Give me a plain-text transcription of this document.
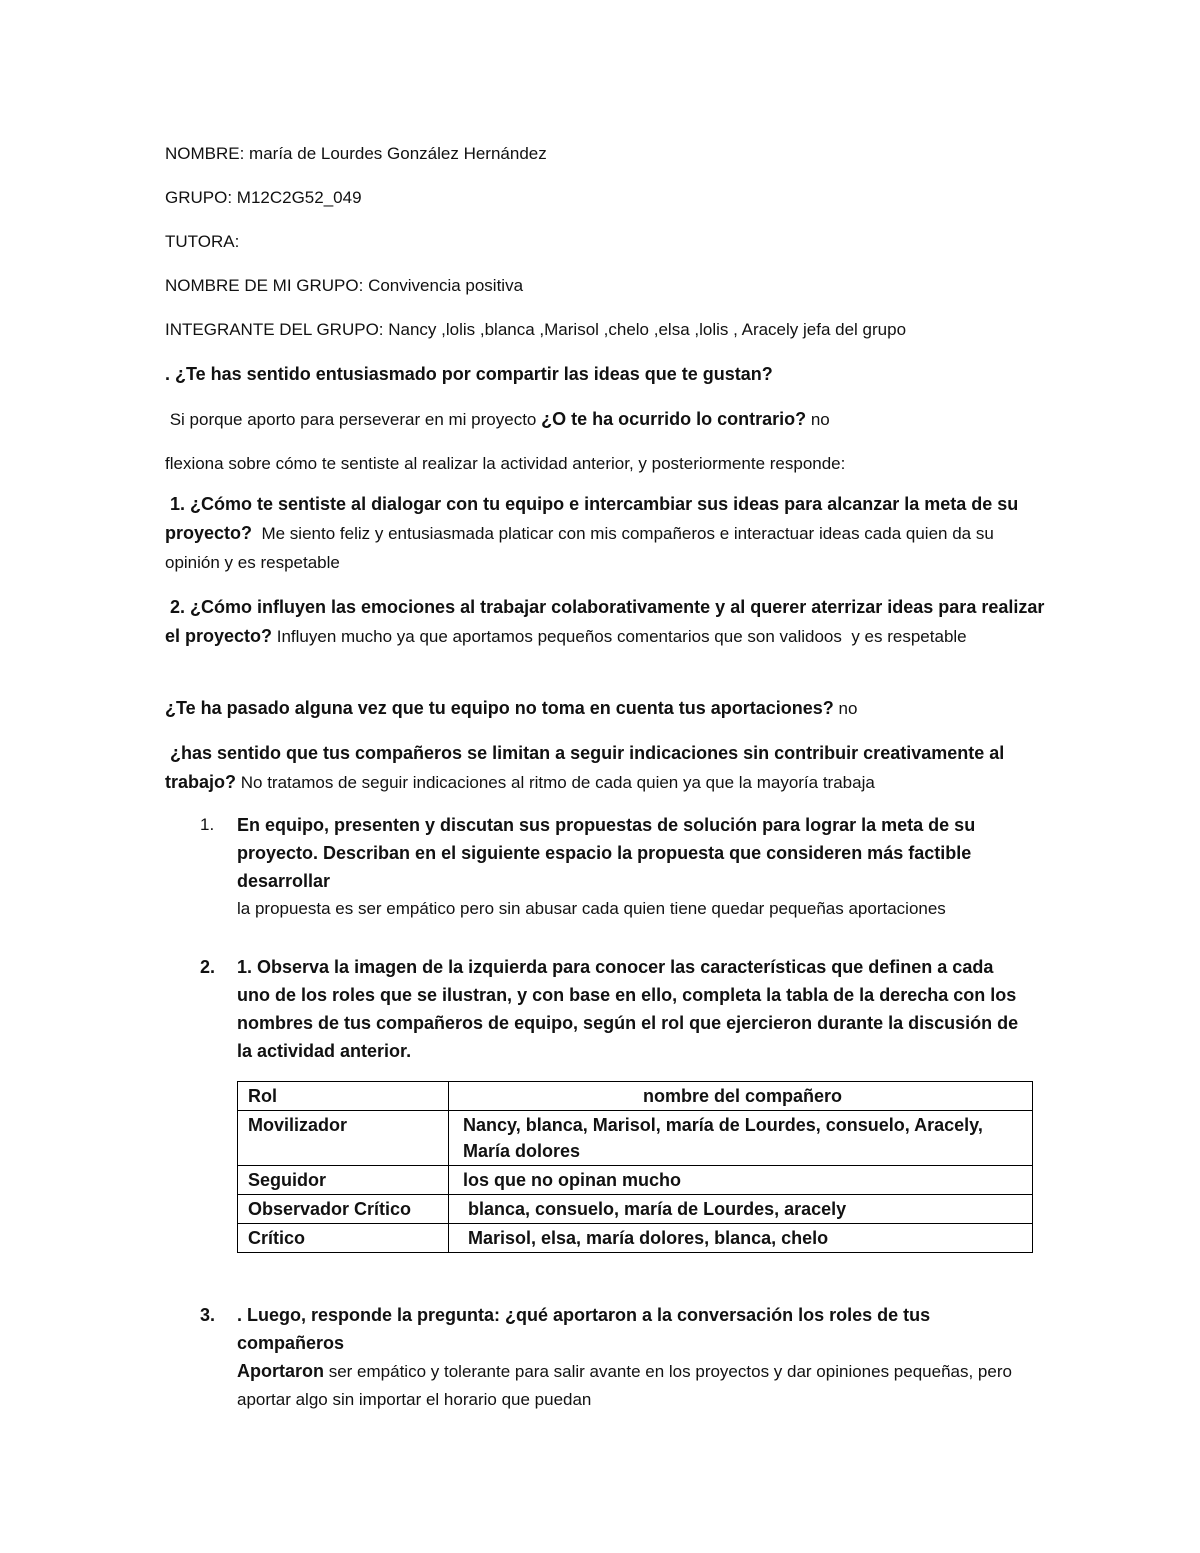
NOMBRE: maría de Lourdes González Hernández
GRUPO: M12C2G52_049
TUTORA:
NOMBRE DE MI GRUPO: Convivencia positiva
INTEGRANTE DEL GRUPO: Nancy ,lolis ,blanca ,Marisol ,chelo ,elsa ,lolis , Aracely jefa del grupo
. ¿Te has sentido entusiasmado por compartir las ideas que te gustan?
Si porque aporto para perseverar en mi proyecto ¿O te ha ocurrido lo contrario? no
flexiona sobre cómo te sentiste al realizar la actividad anterior, y posteriormente responde:
1. ¿Cómo te sentiste al dialogar con tu equipo e intercambiar sus ideas para alcanzar la meta de su proyecto?  Me siento feliz y entusiasmada platicar con mis compañeros e interactuar ideas cada quien da su opinión y es respetable
2. ¿Cómo influyen las emociones al trabajar colaborativamente y al querer aterrizar ideas para realizar el proyecto? Influyen mucho ya que aportamos pequeños comentarios que son validoos  y es respetable
¿Te ha pasado alguna vez que tu equipo no toma en cuenta tus aportaciones? no
¿has sentido que tus compañeros se limitan a seguir indicaciones sin contribuir creativamente al trabajo? No tratamos de seguir indicaciones al ritmo de cada quien ya que la mayoría trabaja
1. En equipo, presenten y discutan sus propuestas de solución para lograr la meta de su proyecto. Describan en el siguiente espacio la propuesta que consideren más factible desarrollar
la propuesta es ser empático pero sin abusar cada quien tiene quedar pequeñas aportaciones
2. 1. Observa la imagen de la izquierda para conocer las características que definen a cada uno de los roles que se ilustran, y con base en ello, completa la tabla de la derecha con los nombres de tus compañeros de equipo, según el rol que ejercieron durante la discusión de la actividad anterior.
Rol	nombre del compañero
Movilizador	Nancy, blanca, Marisol, maría de Lourdes, consuelo, Aracely, María dolores
Seguidor	los que no opinan mucho
Observador Crítico	blanca, consuelo, maría de Lourdes, aracely
Crítico	Marisol, elsa, maría dolores, blanca, chelo
3. . Luego, responde la pregunta: ¿qué aportaron a la conversación los roles de tus compañeros
Aportaron ser empático y tolerante para salir avante en los proyectos y dar opiniones pequeñas, pero aportar algo sin importar el horario que puedan
